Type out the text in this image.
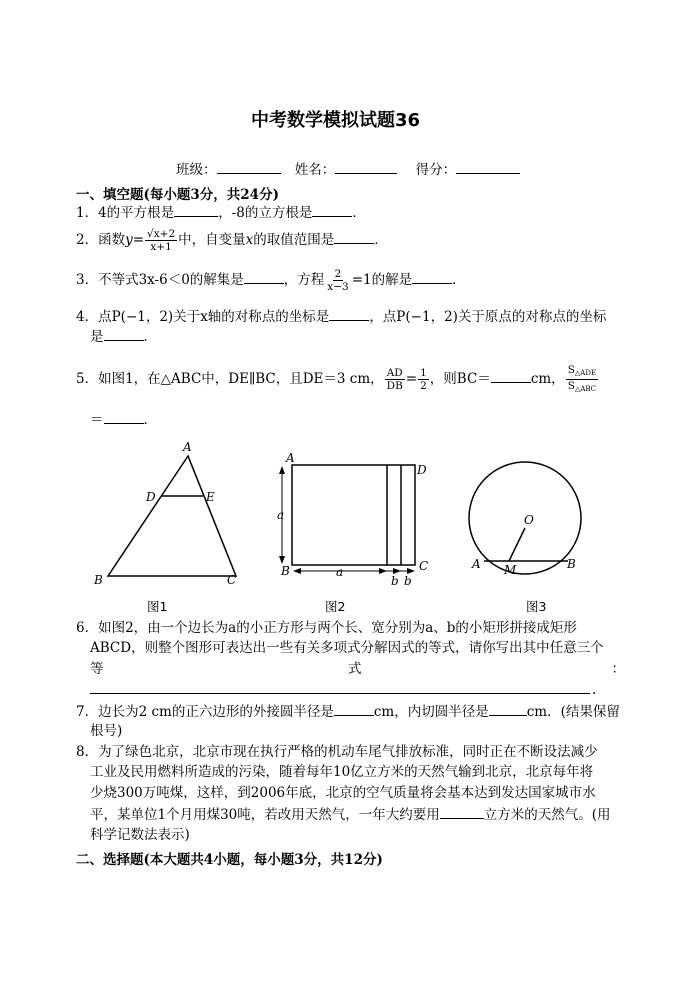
中考数学模拟试题36
班级：	姓名：	得分：
一、填空题(每小题3分，共24分)
1．4的平方根是	，-8的立方根是	．
2．函数$y= \frac{√x+2}{x+1}$ 中，自变量x的取值范围是	．
3．不等式3x-6＜0的解集是	，方程 $\frac{2}{x-3} =1$的解是	．
4．点P(−1，2)关于x轴的对称点的坐标是	，点P(−1，2)关于原点的对称点的坐标
是	．
5．如图1，在△ABC中，DE∥BC，且DE＝3 cm， $\frac{AD}{DB} = \frac{1}{2}$ ，则BC＝	cm， $\frac{S_{\triangle ADE}}{S_{\triangle ABC}}$
＝	．
A
D	E
B	C
A
D
a
B	a
b b
C
O
A M	B
图1	图2	图3
6．如图2，由一个边长为a的小正方形与两个长、宽分别为a、b的小矩形拼接成矩形
ABCD，则整个图形可表达出一些有关多项式分解因式的等式，请你写出其中任意三个
等	式	：
.
7．边长为2 cm的正六边形的外接圆半径是	cm，内切圆半径是	cm．(结果保留
根号)
8．为了绿色北京，北京市现在执行严格的机动车尾气排放标准，同时正在不断设法减少
工业及民用燃料所造成的污染，随着每年10亿立方米的天然气输到北京，北京每年将
少烧300万吨煤，这样，到2006年底，北京的空气质量将会基本达到发达国家城市水
平，某单位1个月用煤30吨，若改用天然气，一年大约要用	立方米的天然气。(用
科学记数法表示)
二、选择题(本大题共4小题，每小题3分，共12分)
